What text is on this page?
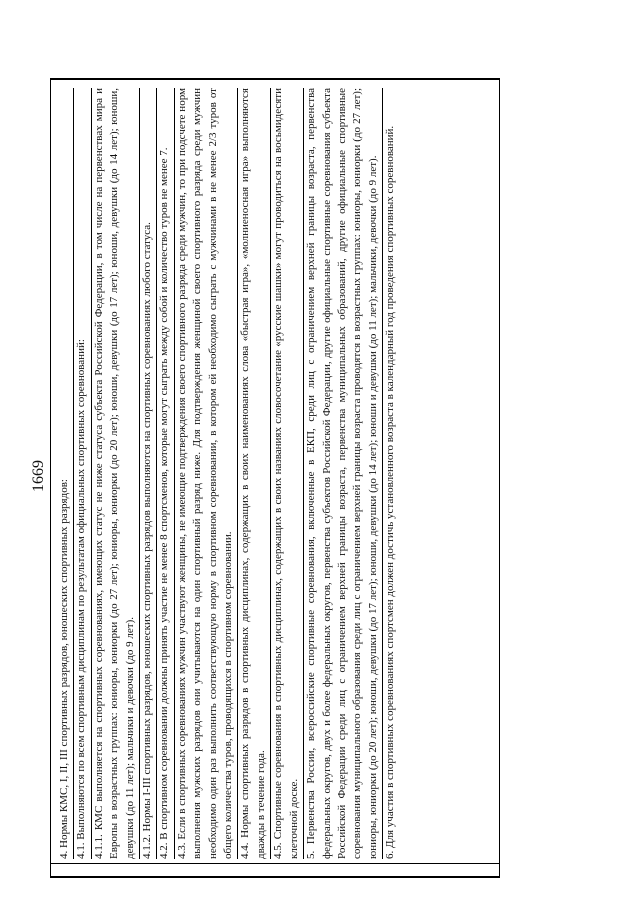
1669

4. Нормы КМС, I, II, III спортивных разрядов, юношеских спортивных разрядов: 4.1. Выполняются по всем спортивным дисциплинам по результатам официальных спортивных соревнований: 4.1.1. КМС выполняется на спортивных соревнованиях, имеющих статус не ниже статуса субъекта Российской Федерации, в том числе на первенствах мира и Европы в возрастных группах: юниоры, юниорки (до 27 лет); юниоры, юниорки (до 20 лет); юноши, девушки (до 17 лет); юноши, девушки (до 14 лет); юноши, девушки (до 11 лет); мальчики и девочки (до 9 лет). 4.1.2. Нормы I-III спортивных разрядов, юношеских спортивных разрядов выполняются на спортивных соревнованиях любого статуса. 4.2. В спортивном соревновании должны принять участие не менее 8 спортсменов, которые могут сыграть между собой и количество туров не менее 7. 4.3. Если в спортивных соревнованиях мужчин участвуют женщины, не имеющие подтверждения своего спортивного разряда среди мужчин, то при подсчете норм выполнения мужских разрядов они учитываются на один спортивный разряд ниже. Для подтверждения женщиной своего спортивного разряда среди мужчин необходимо один раз выполнить соответствующую норму в спортивном соревновании, в котором ей необходимо сыграть с мужчинами в не менее 2/3 туров от общего количества туров, проводящихся в спортивном соревновании. 4.4. Нормы спортивных разрядов в спортивных дисциплинах, содержащих в своих наименованиях слова «быстрая игра», «молниеносная игра» выполняются дважды в течение года. 4.5. Спортивные соревнования в спортивных дисциплинах, содержащих в своих названиях словосочетание «русские шашки» могут проводиться на восьмидесяти клеточной доске. 5. Первенства России, всероссийские спортивные соревнования, включенные в ЕКП, среди лиц с ограничением верхней границы возраста, первенства федеральных округов, двух и более федеральных округов, первенства субъектов Российской Федерации, другие официальные спортивные соревнования субъекта Российской Федерации среди лиц с ограничением верхней границы возраста, первенства муниципальных образований, другие официальные спортивные соревнования муниципального образования среди лиц с ограничением верхней границы возраста проводятся в возрастных группах: юниоры, юниорки (до 27 лет); юниоры, юниорки (до 20 лет); юноши, девушки (до 17 лет); юноши, девушки (до 14 лет); юноши и девушки (до 11 лет); мальчики, девочки (до 9 лет). 6. Для участия в спортивных соревнованиях спортсмен должен достичь установленного возраста в календарный год проведения спортивных соревнований.
